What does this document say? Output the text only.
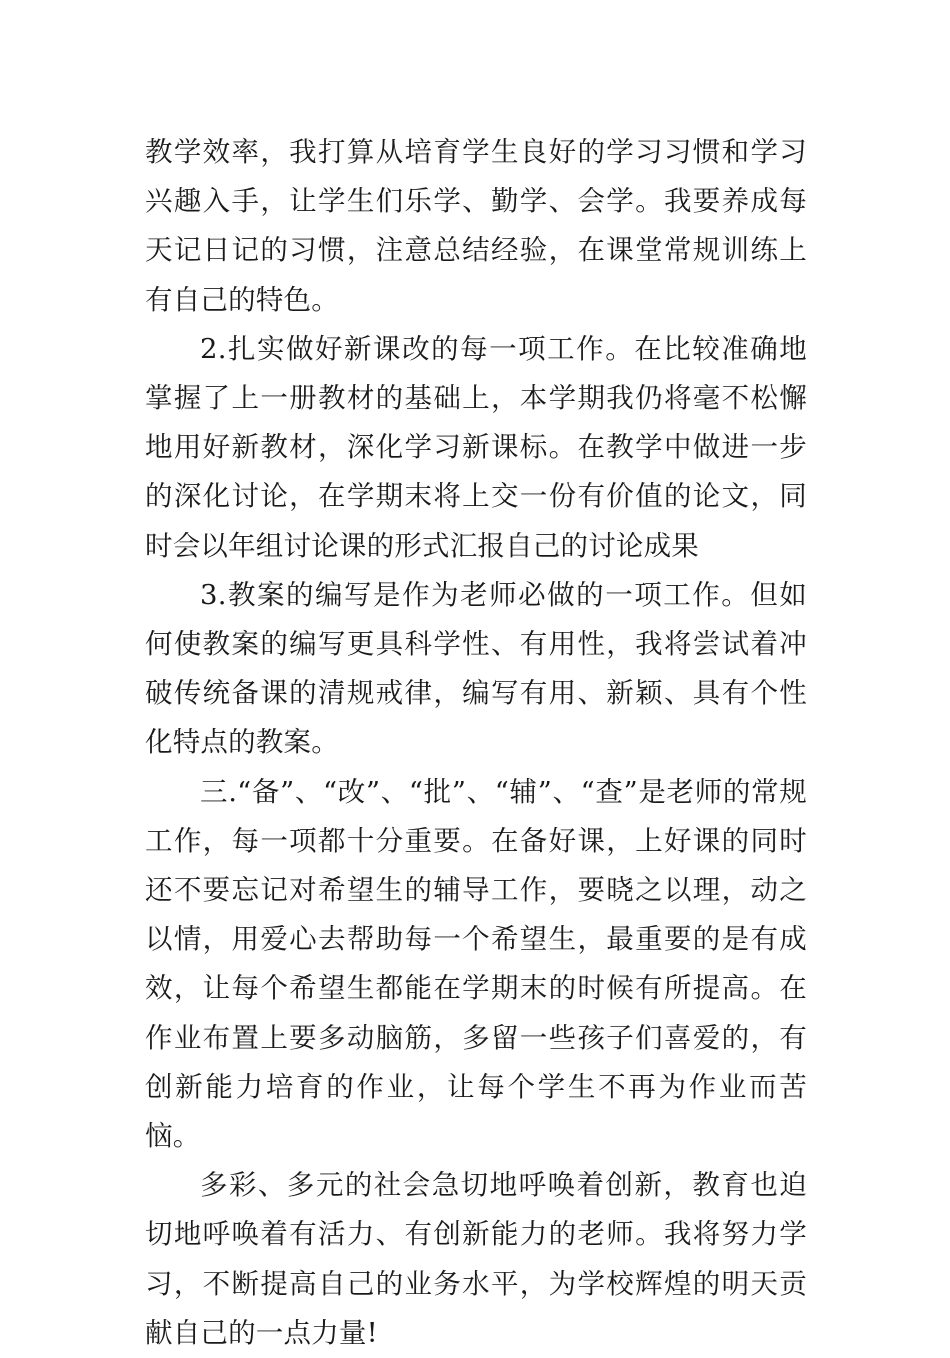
教学效率，我打算从培育学生良好的学习习惯和学习兴趣入手，让学生们乐学、勤学、会学。我要养成每天记日记的习惯，注意总结经验，在课堂常规训练上有自己的特色。

2.扎实做好新课改的每一项工作。在比较准确地掌握了上一册教材的基础上，本学期我仍将毫不松懈地用好新教材，深化学习新课标。在教学中做进一步的深化讨论，在学期末将上交一份有价值的论文，同时会以年组讨论课的形式汇报自己的讨论成果

3.教案的编写是作为老师必做的一项工作。但如何使教案的编写更具科学性、有用性，我将尝试着冲破传统备课的清规戒律，编写有用、新颖、具有个性化特点的教案。

三.“备”、“改”、“批”、“辅”、“查”是老师的常规工作，每一项都十分重要。在备好课，上好课的同时还不要忘记对希望生的辅导工作，要晓之以理，动之以情，用爱心去帮助每一个希望生，最重要的是有成效，让每个希望生都能在学期末的时候有所提高。在作业布置上要多动脑筋，多留一些孩子们喜爱的，有创新能力培育的作业，让每个学生不再为作业而苦恼。

多彩、多元的社会急切地呼唤着创新，教育也迫切地呼唤着有活力、有创新能力的老师。我将努力学习，不断提高自己的业务水平，为学校辉煌的明天贡献自己的一点力量!
